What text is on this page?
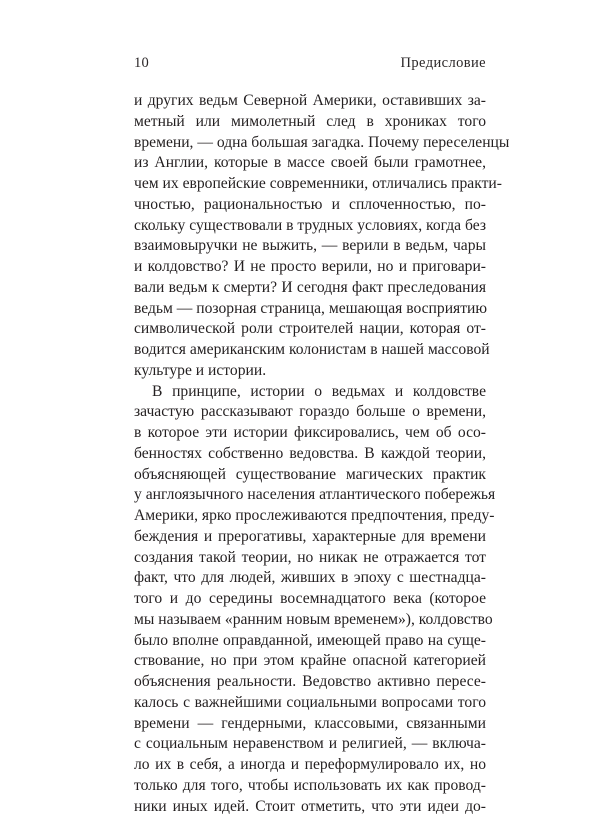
10	Предисловие
и других ведьм Северной Америки, оставивших за-
метный или мимолетный след в хрониках того
времени, — одна большая загадка. Почему переселенцы
из Англии, которые в массе своей были грамотнее,
чем их европейские современники, отличались практи-
чностью, рациональностью и сплоченностью, по-
скольку существовали в трудных условиях, когда без
взаимовыручки не выжить, — верили в ведьм, чары
и колдовство? И не просто верили, но и приговари-
вали ведьм к смерти? И сегодня факт преследования
ведьм — позорная страница, мешающая восприятию
символической роли строителей нации, которая от-
водится американским колонистам в нашей массовой
культуре и истории.
В принципе, истории о ведьмах и колдовстве
зачастую рассказывают гораздо больше о времени,
в которое эти истории фиксировались, чем об осо-
бенностях собственно ведовства. В каждой теории,
объясняющей существование магических практик
у англоязычного населения атлантического побережья
Америки, ярко прослеживаются предпочтения, преду-
беждения и прерогативы, характерные для времени
создания такой теории, но никак не отражается тот
факт, что для людей, живших в эпоху с шестнадца-
того и до середины восемнадцатого века (которое
мы называем «ранним новым временем»), колдовство
было вполне оправданной, имеющей право на суще-
ствование, но при этом крайне опасной категорией
объяснения реальности. Ведовство активно пересе-
калось с важнейшими социальными вопросами того
времени — гендерными, классовыми, связанными
с социальным неравенством и религией, — включа-
ло их в себя, а иногда и переформулировало их, но
только для того, чтобы использовать их как провод-
ники иных идей. Стоит отметить, что эти идеи до-
